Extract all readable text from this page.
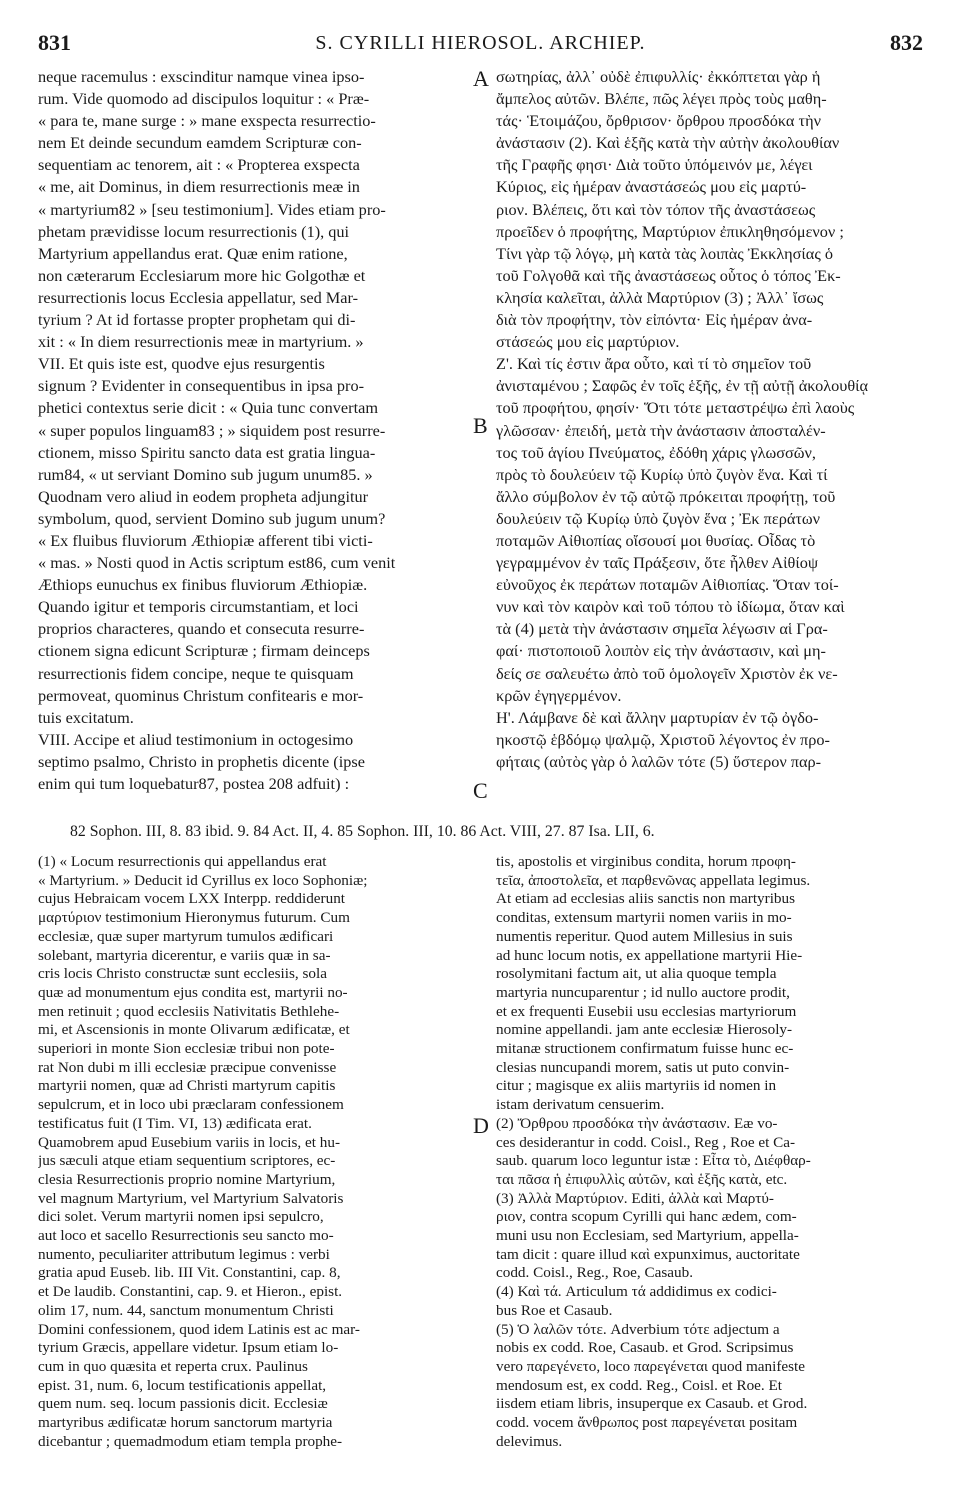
831	S. CYRILLI HIEROSOL. ARCHIEP.	832
neque racemulus : exscinditur namque vinea ipso-
rum. Vide quomodo ad discipulos loquitur : « Præ-
« para te, mane surge : » mane exspecta resurrectio-
nem Et deinde secundum eamdem Scripturæ con-
sequentiam ac tenorem, ait : « Propterea exspecta
« me, ait Dominus, in diem resurrectionis meæ in
« martyrium82 » [seu testimonium]. Vides etiam pro-
phetam prævidisse locum resurrectionis (1), qui
Martyrium appellandus erat. Quæ enim ratione,
non cæterarum Ecclesiarum more hic Golgothæ et
resurrectionis locus Ecclesia appellatur, sed Mar-
tyrium ? At id fortasse propter prophetam qui di-
xit : « In diem resurrectionis meæ in martyrium. »
VII. Et quis iste est, quodve ejus resurgentis
signum ? Evidenter in consequentibus in ipsa pro-
phetici contextus serie dicit : « Quia tunc convertam
« super populos linguam83 ; » siquidem post resurre-
ctionem, misso Spiritu sancto data est gratia lingua-
rum84, « ut serviant Domino sub jugum unum85. »
Quodnam vero aliud in eodem propheta adjungitur
symbolum, quod, servient Domino sub jugum unum?
« Ex fluibus fluviorum Æthiopiæ afferent tibi victi-
« mas. » Nosti quod in Actis scriptum est86, cum venit
Æthiops eunuchus ex finibus fluviorum Æthiopiæ.
Quando igitur et temporis circumstantiam, et loci
proprios characteres, quando et consecuta resurre-
ctionem signa edicunt Scripturæ ; firmam deinceps
resurrectionis fidem concipe, neque te quisquam
permoveat, quominus Christum confitearis e mor-
tuis excitatum.
VIII. Accipe et aliud testimonium in octogesimo
septimo psalmo, Christo in prophetis dicente (ipse
enim qui tum loquebatur87, postea 208 adfuit) :
σωτηρίας, ἀλλ᾽ οὐδὲ ἐπιφυλλίς· ἐκκόπτεται γὰρ ἡ
ἄμπελος αὐτῶν. Βλέπε, πῶς λέγει πρὸς τοὺς μαθη-
τάς· Ἑτοιμάζου, ὄρθρισον· ὄρθρου προσδόκα τὴν
ἀνάστασιν (2). Καὶ ἑξῆς κατὰ τὴν αὐτὴν ἀκολουθίαν
τῆς Γραφῆς φησι· Διὰ τοῦτο ὑπόμεινόν με, λέγει
Κύριος, εἰς ἡμέραν ἀναστάσεώς μου εἰς μαρτύ-
ριον. Βλέπεις, ὅτι καὶ τὸν τόπον τῆς ἀναστάσεως
προεῖδεν ὁ προφήτης, Μαρτύριον ἐπικληθησόμενον ;
Τίνι γὰρ τῷ λόγῳ, μὴ κατὰ τὰς λοιπὰς Ἐκκλησίας ὁ
τοῦ Γολγοθᾶ καὶ τῆς ἀναστάσεως οὗτος ὁ τόπος Ἐκ-
κλησία καλεῖται, ἀλλὰ Μαρτύριον (3) ; Ἀλλ᾽ ἴσως
διὰ τὸν προφήτην, τὸν εἰπόντα· Εἰς ἡμέραν ἀνα-
στάσεώς μου εἰς μαρτύριον.
Ζ'. Καὶ τίς ἐστιν ἄρα οὗτο, καὶ τί τὸ σημεῖον τοῦ
ἀνισταμένου ; Σαφῶς ἐν τοῖς ἑξῆς, ἐν τῇ αὐτῇ ἀκολουθίᾳ
τοῦ προφήτου, φησίν· Ὅτι τότε μεταστρέψω ἐπὶ λαοὺς
γλῶσσαν· ἐπειδή, μετὰ τὴν ἀνάστασιν ἀποσταλέν-
τος τοῦ ἁγίου Πνεύματος, ἐδόθη χάρις γλωσσῶν,
πρὸς τὸ δουλεύειν τῷ Κυρίῳ ὑπὸ ζυγὸν ἕνα. Καὶ τί
ἄλλο σύμβολον ἐν τῷ αὐτῷ πρόκειται προφήτῃ, τοῦ
δουλεύειν τῷ Κυρίῳ ὑπὸ ζυγὸν ἕνα ; Ἐκ περάτων
ποταμῶν Αἰθιοπίας οἴσουσί μοι θυσίας. Οἶδας τὸ
γεγραμμένον ἐν ταῖς Πράξεσιν, ὅτε ἦλθεν Αἰθίοψ
εὐνοῦχος ἐκ περάτων ποταμῶν Αἰθιοπίας. Ὅταν τοί-
νυν καὶ τὸν καιρὸν καὶ τοῦ τόπου τὸ ἰδίωμα, ὅταν καὶ
τὰ (4) μετὰ τὴν ἀνάστασιν σημεῖα λέγωσιν αἱ Γρα-
φαί· πιστοποιοῦ λοιπὸν εἰς τὴν ἀνάστασιν, καὶ μη-
δείς σε σαλευέτω ἀπὸ τοῦ ὁμολογεῖν Χριστὸν ἐκ νε-
κρῶν ἐγηγερμένον.
Η'. Λάμβανε δὲ καὶ ἄλλην μαρτυρίαν ἐν τῷ ὀγδο-
ηκοστῷ ἑβδόμῳ ψαλμῷ, Χριστοῦ λέγοντος ἐν προ-
φήταις (αὐτὸς γὰρ ὁ λαλῶν τότε (5) ὕστερον παρ-
A
B
C
D
82 Sophon. III, 8. 83 ibid. 9. 84 Act. II, 4. 85 Sophon. III, 10. 86 Act. VIII, 27. 87 Isa. LII, 6.
(1) « Locum resurrectionis qui appellandus erat
« Martyrium. » Deducit id Cyrillus ex loco Sophoniæ;
cujus Hebraicam vocem LXX Interpp. reddiderunt
μαρτύριον testimonium Hieronymus futurum. Cum
ecclesiæ, quæ super martyrum tumulos ædificari
solebant, martyria dicerentur, e variis quæ in sa-
cris locis Christo constructæ sunt ecclesiis, sola
quæ ad monumentum ejus condita est, martyrii no-
men retinuit ; quod ecclesiis Nativitatis Bethlehe-
mi, et Ascensionis in monte Olivarum ædificatæ, et
superiori in monte Sion ecclesiæ tribui non pote-
rat Non dubi m illi ecclesiæ præcipue convenisse
martyrii nomen, quæ ad Christi martyrum capitis
sepulcrum, et in loco ubi præclaram confessionem
testificatus fuit (I Tim. VI, 13) ædificata erat.
Quamobrem apud Eusebium variis in locis, et hu-
jus sæculi atque etiam sequentium scriptores, ec-
clesia Resurrectionis proprio nomine Martyrium,
vel magnum Martyrium, vel Martyrium Salvatoris
dici solet. Verum martyrii nomen ipsi sepulcro,
aut loco et sacello Resurrectionis seu sancto mo-
numento, peculiariter attributum legimus : verbi
gratia apud Euseb. lib. III Vit. Constantini, cap. 8,
et De laudib. Constantini, cap. 9. et Hieron., epist.
olim 17, num. 44, sanctum monumentum Christi
Domini confessionem, quod idem Latinis est ac mar-
tyrium Græcis, appellare videtur. Ipsum etiam lo-
cum in quo quæsita et reperta crux. Paulinus
epist. 31, num. 6, locum testificationis appellat,
quem num. seq. locum passionis dicit. Ecclesiæ
martyribus ædificatæ horum sanctorum martyria
dicebantur ; quemadmodum etiam templa prophe-
tis, apostolis et virginibus condita, horum προφη-
τεῖα, ἀποστολεῖα, et παρθενῶνας appellata legimus.
At etiam ad ecclesias aliis sanctis non martyribus
conditas, extensum martyrii nomen variis in mo-
numentis reperitur. Quod autem Millesius in suis
ad hunc locum notis, ex appellatione martyrii Hie-
rosolymitani factum ait, ut alia quoque templa
martyria nuncuparentur ; id nullo auctore prodit,
et ex frequenti Eusebii usu ecclesias martyriorum
nomine appellandi. jam ante ecclesiæ Hierosoly-
mitanæ structionem confirmatum fuisse hunc ec-
clesias nuncupandi morem, satis ut puto convin-
citur ; magisque ex aliis martyriis id nomen in
istam derivatum censuerim.
(2) Ὄρθρου προσδόκα τὴν ἀνάστασιν. Eæ vo-
ces desiderantur in codd. Coisl., Reg , Roe et Ca-
saub. quarum loco leguntur istæ : Εἶτα τὸ, Διέφθαρ-
ται πᾶσα ἡ ἐπιφυλλὶς αὐτῶν, καὶ ἑξῆς κατὰ, etc.
(3) Ἀλλὰ Μαρτύριον. Editi, ἀλλὰ καὶ Μαρτύ-
ριον, contra scopum Cyrilli qui hanc ædem, com-
muni usu non Ecclesiam, sed Martyrium, appella-
tam dicit : quare illud καὶ expunximus, auctoritate
codd. Coisl., Reg., Roe, Casaub.
(4) Καὶ τά. Articulum τά addidimus ex codici-
bus Roe et Casaub.
(5) Ὁ λαλῶν τότε. Adverbium τότε adjectum a
nobis ex codd. Roe, Casaub. et Grod. Scripsimus
vero παρεγένετο, loco παρεγένεται quod manifeste
mendosum est, ex codd. Reg., Coisl. et Roe. Et
iisdem etiam libris, insuperque ex Casaub. et Grod.
codd. vocem ἄνθρωπος post παρεγένεται positam
delevimus.
